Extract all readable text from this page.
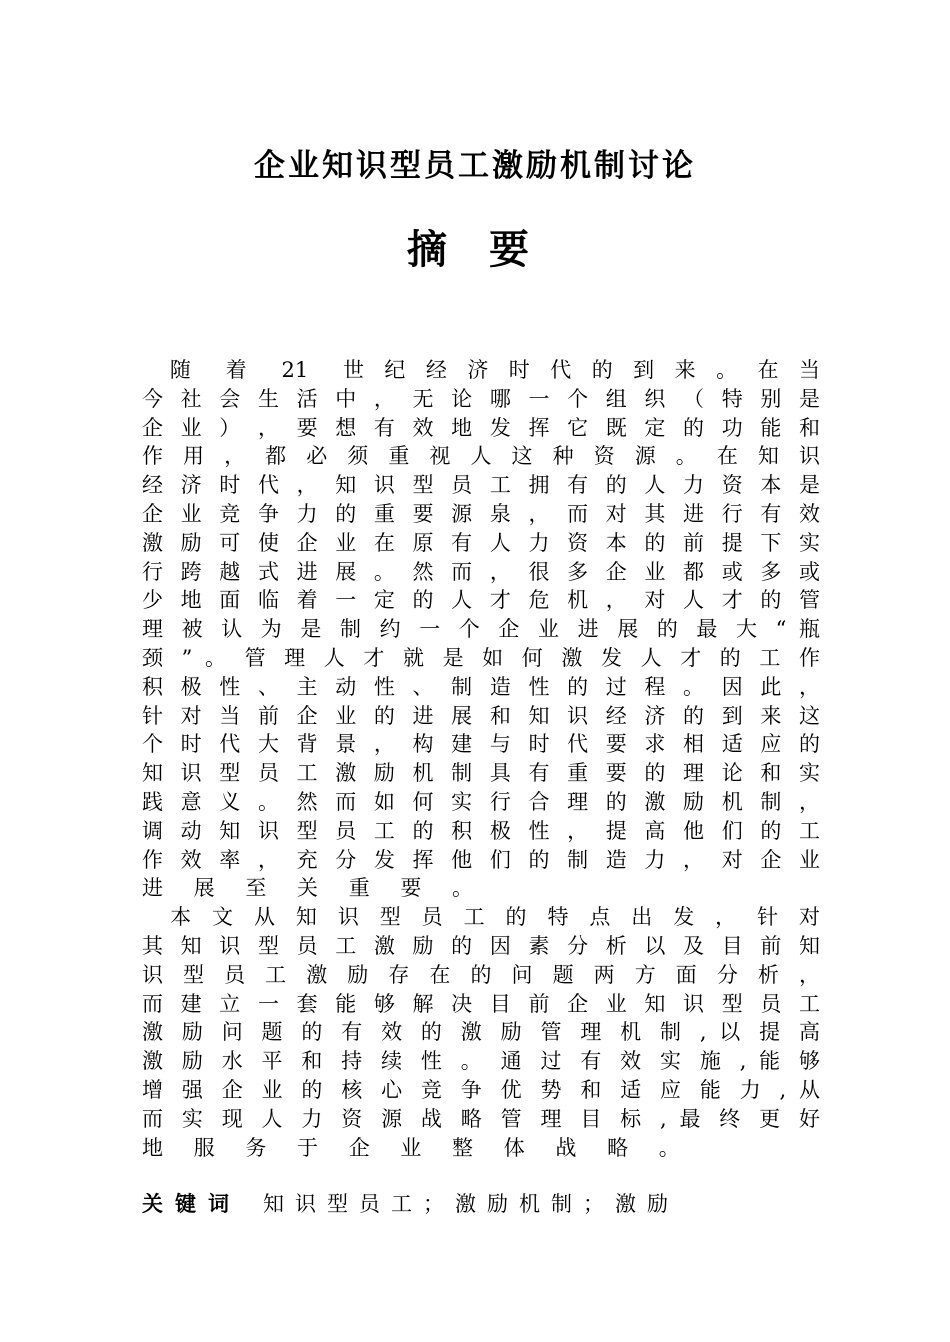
企业知识型员工激励机制讨论
摘 要
　随　着　21　世 纪 经 济 时 代 的 到 来 。 在 当
今 社 会 生 活 中 ， 无 论 哪 一 个 组 织 （ 特 别 是
企 业 ） ， 要 想 有 效 地 发 挥 它 既 定 的 功 能 和
作 用 ， 都 必 须 重 视 人 这 种 资 源 。 在 知 识
经 济 时 代 ， 知 识 型 员 工 拥 有 的 人 力 资 本 是
企 业 竞 争 力 的 重 要 源 泉 ， 而 对 其 进 行 有 效
激 励 可 使 企 业 在 原 有 人 力 资 本 的 前 提 下 实
行 跨 越 式 进 展 。 然 而 ， 很 多 企 业 都 或 多 或
少 地 面 临 着 一 定 的 人 才 危 机 ， 对 人 才 的 管
理 被 认 为 是 制 约 一 个 企 业 进 展 的 最 大 “ 瓶
颈 ” 。 管 理 人 才 就 是 如 何 激 发 人 才 的 工 作
积 极 性 、 主 动 性 、 制 造 性 的 过 程 。 因 此 ，
针 对 当 前 企 业 的 进 展 和 知 识 经 济 的 到 来 这
个 时 代 大 背 景 ， 构 建 与 时 代 要 求 相 适 应 的
知 识 型 员 工 激 励 机 制 具 有 重 要 的 理 论 和 实
践 意 义 。 然 而 如 何 实 行 合 理 的 激 励 机 制 ，
调 动 知 识 型 员 工 的 积 极 性 ， 提 高 他 们 的 工
作 效 率 ， 充 分 发 挥 他 们 的 制 造 力 ， 对 企 业
进 展 至 关 重 要 。
　本 文 从 知 识 型 员 工 的 特 点 出 发 ， 针 对
其 知 识 型 员 工 激 励 的 因 素 分 析 以 及 目 前 知
识 型 员 工 激 励 存 在 的 问 题 两 方 面 分 析 ，
而 建 立 一 套 能 够 解 决 目 前 企 业 知 识 型 员 工
激 励 问 题 的 有 效 的 激 励 管 理 机 制 , 以 提 高
激 励 水 平 和 持 续 性 。 通 过 有 效 实 施 , 能 够
增 强 企 业 的 核 心 竞 争 优 势 和 适 应 能 力 , 从
而 实 现 人 力 资 源 战 略 管 理 目 标 , 最 终 更 好
地 服 务 于 企 业 整 体 战 略 。
关键词 知识型员工；激励机制；激励
